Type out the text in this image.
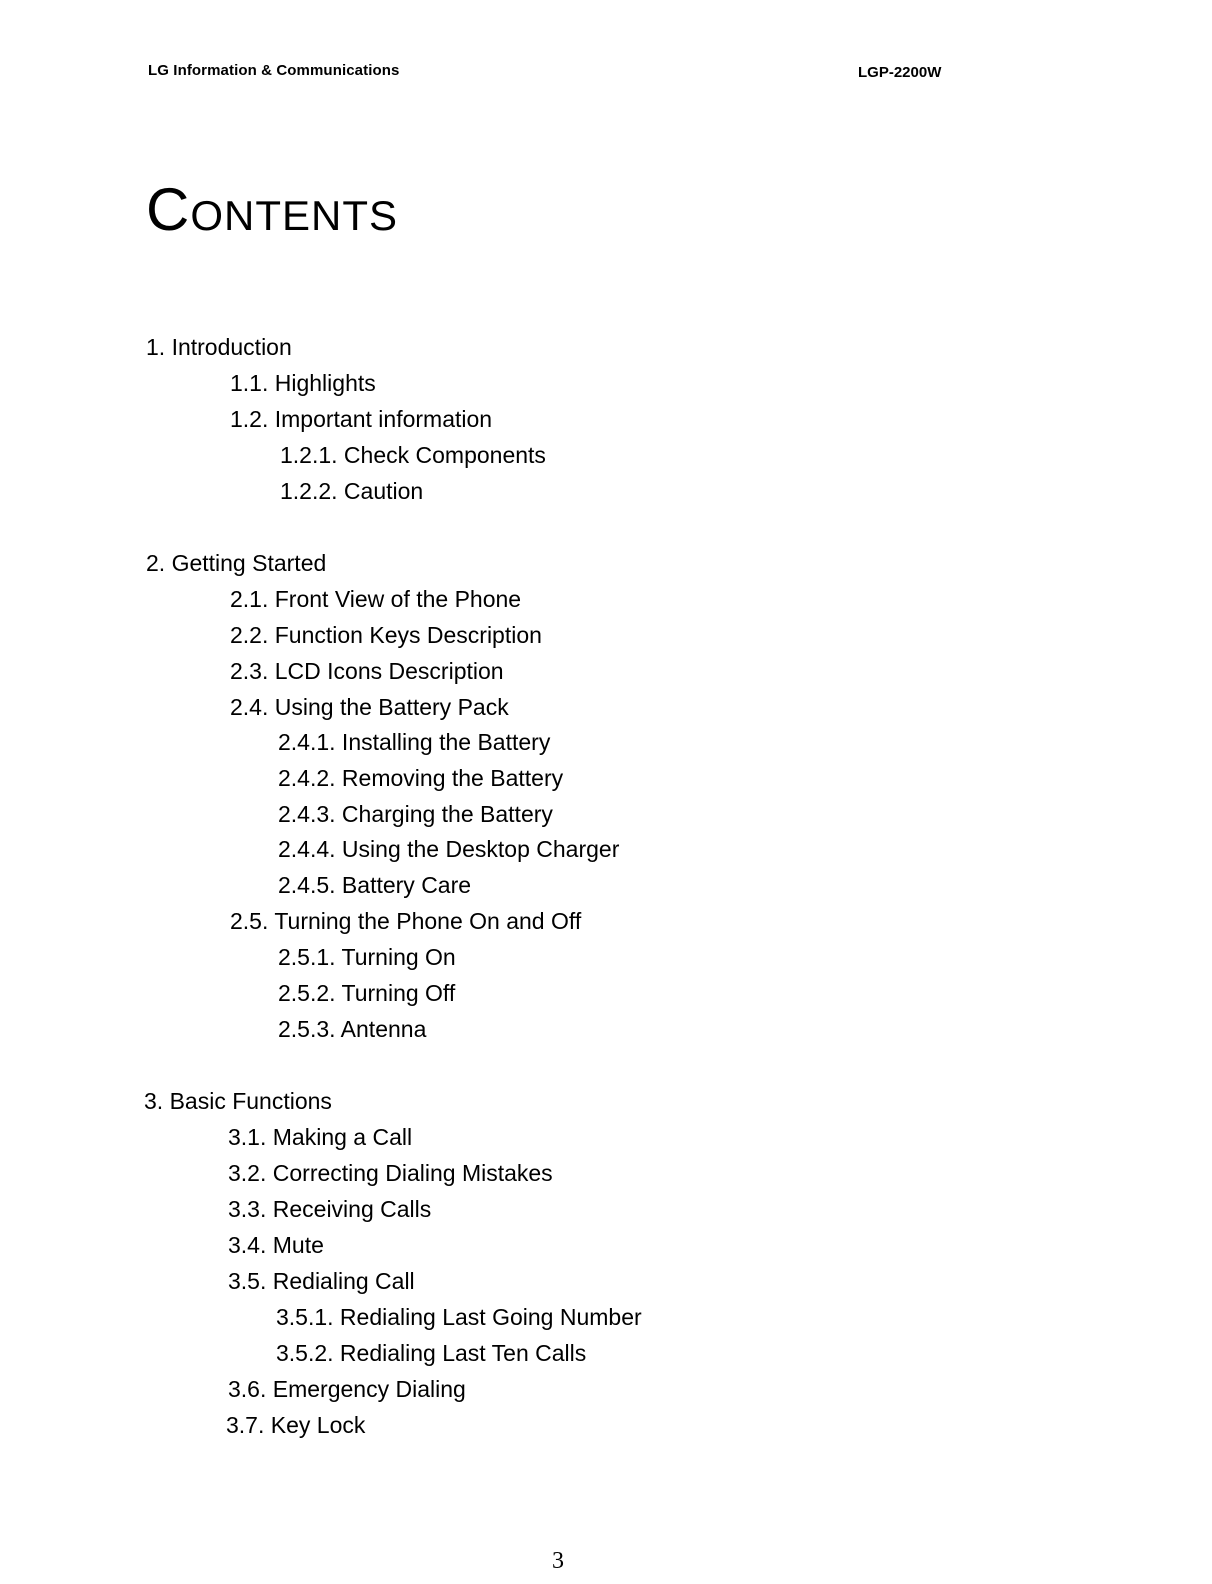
LG Information & Communications	LGP-2200W
Contents
1. Introduction
1.1. Highlights
1.2. Important information
1.2.1. Check Components
1.2.2. Caution
2. Getting Started
2.1. Front View of the Phone
2.2. Function Keys Description
2.3. LCD Icons Description
2.4. Using the Battery Pack
2.4.1. Installing the Battery
2.4.2. Removing the Battery
2.4.3. Charging the Battery
2.4.4. Using the Desktop Charger
2.4.5. Battery Care
2.5. Turning the Phone On and Off
2.5.1. Turning On
2.5.2. Turning Off
2.5.3. Antenna
3. Basic Functions
3.1. Making a Call
3.2. Correcting Dialing Mistakes
3.3. Receiving Calls
3.4. Mute
3.5. Redialing Call
3.5.1. Redialing Last Going Number
3.5.2. Redialing Last Ten Calls
3.6. Emergency Dialing
3.7. Key Lock
3
